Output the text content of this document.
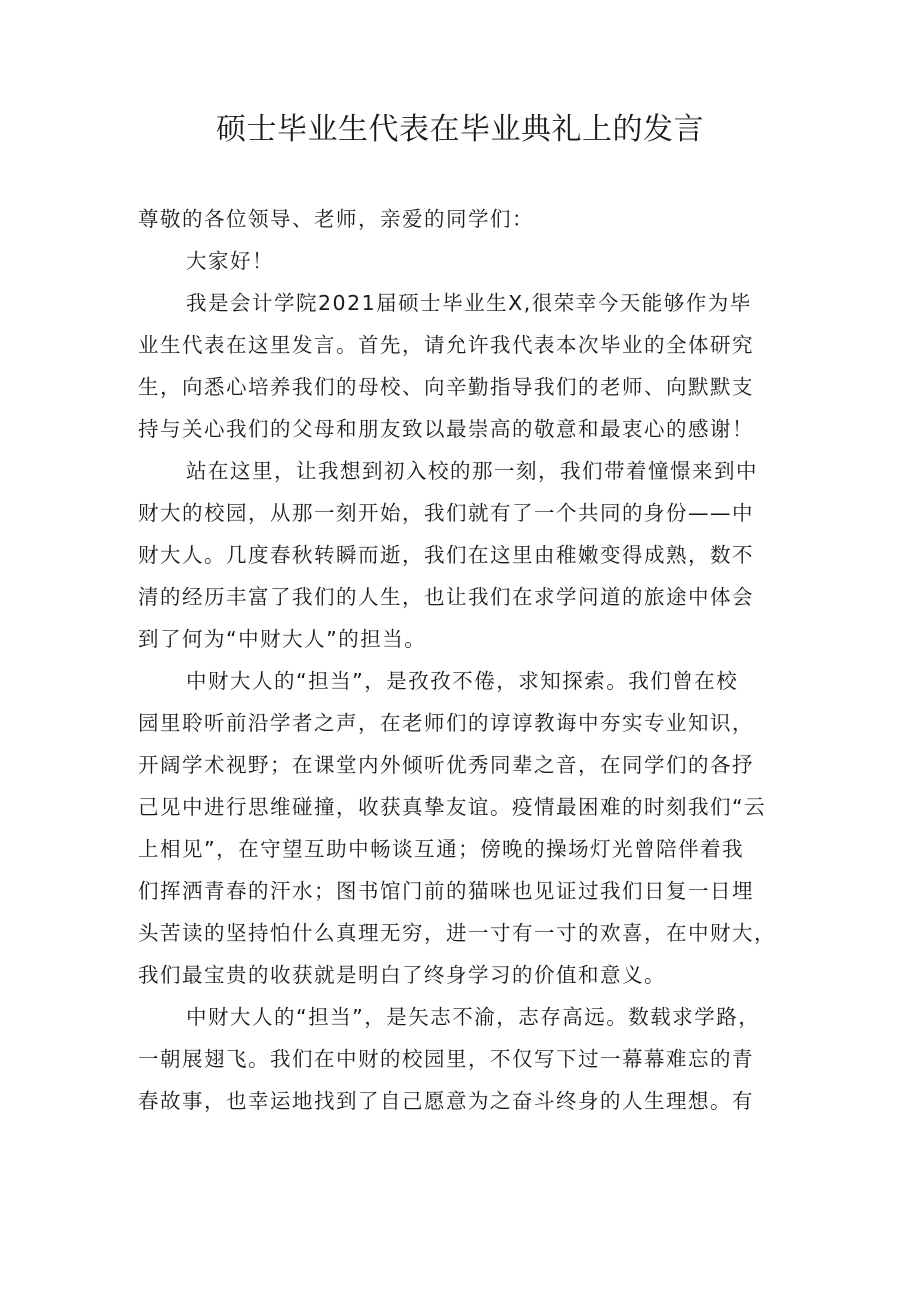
硕士毕业生代表在毕业典礼上的发言
尊敬的各位领导、老师，亲爱的同学们：
大家好！
我是会计学院2021届硕士毕业生X,很荣幸今天能够作为毕
业生代表在这里发言。首先，请允许我代表本次毕业的全体研究
生，向悉心培养我们的母校、向辛勤指导我们的老师、向默默支
持与关心我们的父母和朋友致以最崇高的敬意和最衷心的感谢！
站在这里，让我想到初入校的那一刻，我们带着憧憬来到中
财大的校园，从那一刻开始，我们就有了一个共同的身份——中
财大人。几度春秋转瞬而逝，我们在这里由稚嫩变得成熟，数不
清的经历丰富了我们的人生，也让我们在求学问道的旅途中体会
到了何为“中财大人”的担当。
中财大人的“担当”，是孜孜不倦，求知探索。我们曾在校
园里聆听前沿学者之声，在老师们的谆谆教诲中夯实专业知识，
开阔学术视野；在课堂内外倾听优秀同辈之音，在同学们的各抒
己见中进行思维碰撞，收获真挚友谊。疫情最困难的时刻我们“云
上相见”，在守望互助中畅谈互通；傍晚的操场灯光曾陪伴着我
们挥洒青春的汗水；图书馆门前的猫咪也见证过我们日复一日埋
头苦读的坚持怕什么真理无穷，进一寸有一寸的欢喜，在中财大，
我们最宝贵的收获就是明白了终身学习的价值和意义。
中财大人的“担当”，是矢志不渝，志存高远。数载求学路，
一朝展翅飞。我们在中财的校园里，不仅写下过一幕幕难忘的青
春故事，也幸运地找到了自己愿意为之奋斗终身的人生理想。有
